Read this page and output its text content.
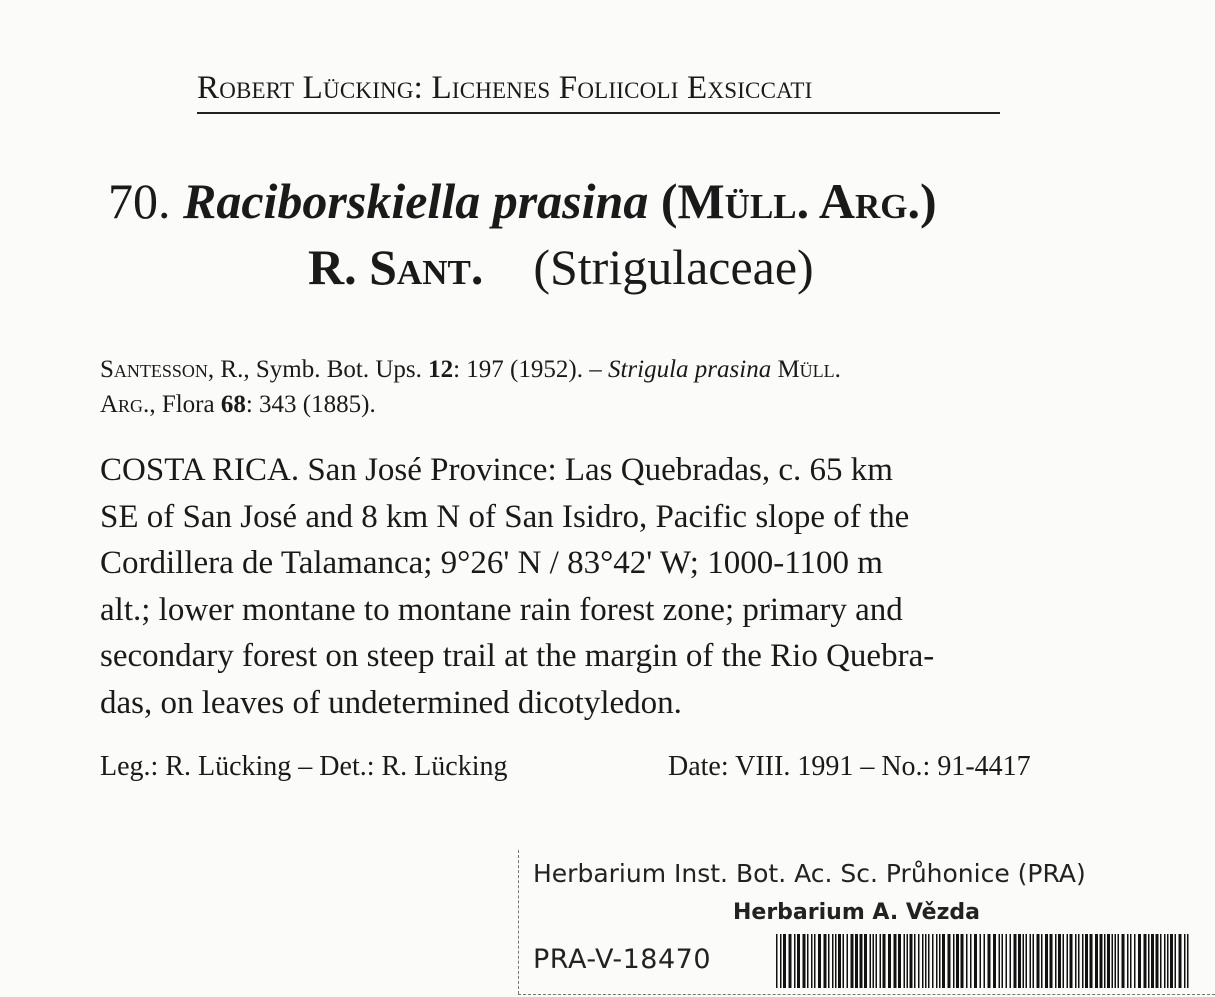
Robert Lücking: Lichenes Foliicoli Exsiccati
70. Raciborskiella prasina (Müll. Arg.)
R. Sant. (Strigulaceae)
Santesson, R., Symb. Bot. Ups. 12: 197 (1952). – Strigula prasina Müll.
Arg., Flora 68: 343 (1885).
COSTA RICA. San José Province: Las Quebradas, c. 65 km
SE of San José and 8 km N of San Isidro, Pacific slope of the
Cordillera de Talamanca; 9°26' N / 83°42' W; 1000-1100 m
alt.; lower montane to montane rain forest zone; primary and
secondary forest on steep trail at the margin of the Rio Quebra-
das, on leaves of undetermined dicotyledon.
Leg.: R. Lücking – Det.: R. Lücking	Date: VIII. 1991 – No.: 91-4417
Herbarium Inst. Bot. Ac. Sc. Průhonice (PRA)
Herbarium A. Vězda
PRA-V-18470
